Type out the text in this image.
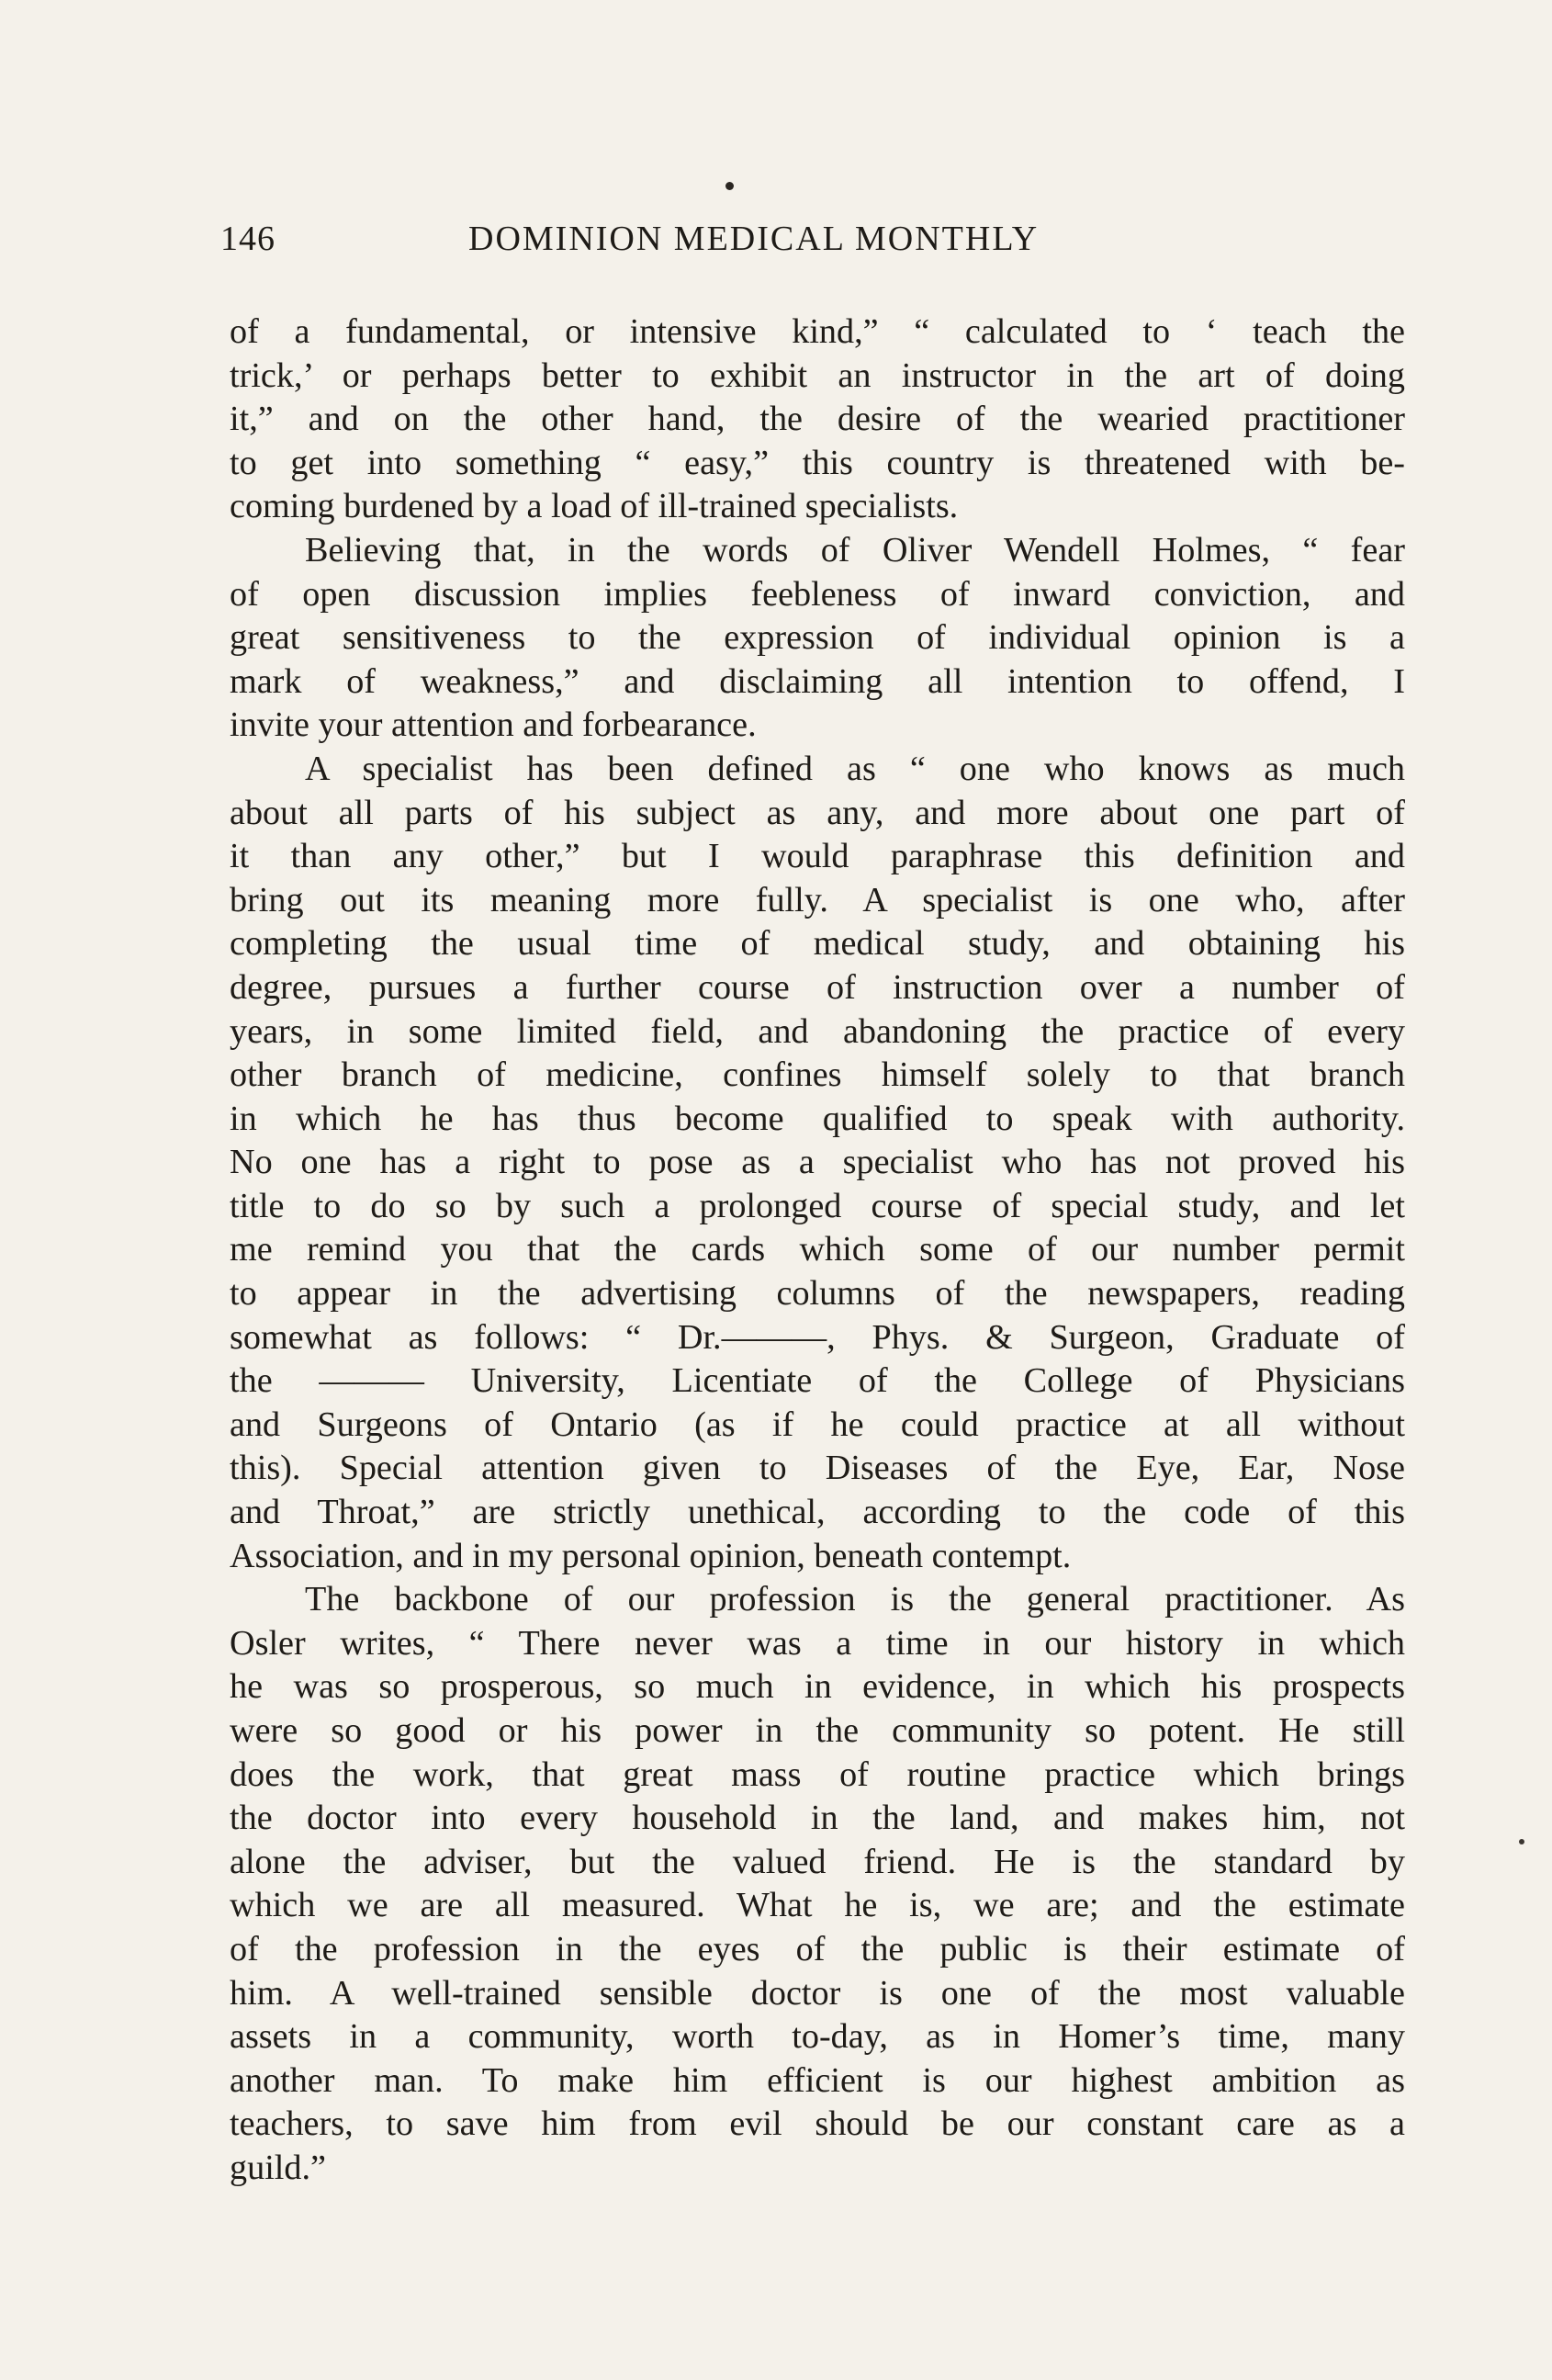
146	DOMINION MEDICAL MONTHLY
of a fundamental, or intensive kind,” “ calculated to ‘ teach the
trick,’ or perhaps better to exhibit an instructor in the art of doing
it,” and on the other hand, the desire of the wearied practitioner
to get into something “ easy,” this country is threatened with be-
coming burdened by a load of ill-trained specialists.
Believing that, in the words of Oliver Wendell Holmes, “ fear
of open discussion implies feebleness of inward conviction, and
great sensitiveness to the expression of individual opinion is a
mark of weakness,” and disclaiming all intention to offend, I
invite your attention and forbearance.
A specialist has been defined as “ one who knows as much
about all parts of his subject as any, and more about one part of
it than any other,” but I would paraphrase this definition and
bring out its meaning more fully. A specialist is one who, after
completing the usual time of medical study, and obtaining his
degree, pursues a further course of instruction over a number of
years, in some limited field, and abandoning the practice of every
other branch of medicine, confines himself solely to that branch
in which he has thus become qualified to speak with authority.
No one has a right to pose as a specialist who has not proved his
title to do so by such a prolonged course of special study, and let
me remind you that the cards which some of our number permit
to appear in the advertising columns of the newspapers, reading
somewhat as follows: “ Dr.———, Phys. & Surgeon, Graduate of
the ——— University, Licentiate of the College of Physicians
and Surgeons of Ontario (as if he could practice at all without
this). Special attention given to Diseases of the Eye, Ear, Nose
and Throat,” are strictly unethical, according to the code of this
Association, and in my personal opinion, beneath contempt.
The backbone of our profession is the general practitioner. As
Osler writes, “ There never was a time in our history in which
he was so prosperous, so much in evidence, in which his prospects
were so good or his power in the community so potent. He still
does the work, that great mass of routine practice which brings
the doctor into every household in the land, and makes him, not
alone the adviser, but the valued friend. He is the standard by
which we are all measured. What he is, we are; and the estimate
of the profession in the eyes of the public is their estimate of
him. A well-trained sensible doctor is one of the most valuable
assets in a community, worth to-day, as in Homer’s time, many
another man. To make him efficient is our highest ambition as
teachers, to save him from evil should be our constant care as a
guild.”
